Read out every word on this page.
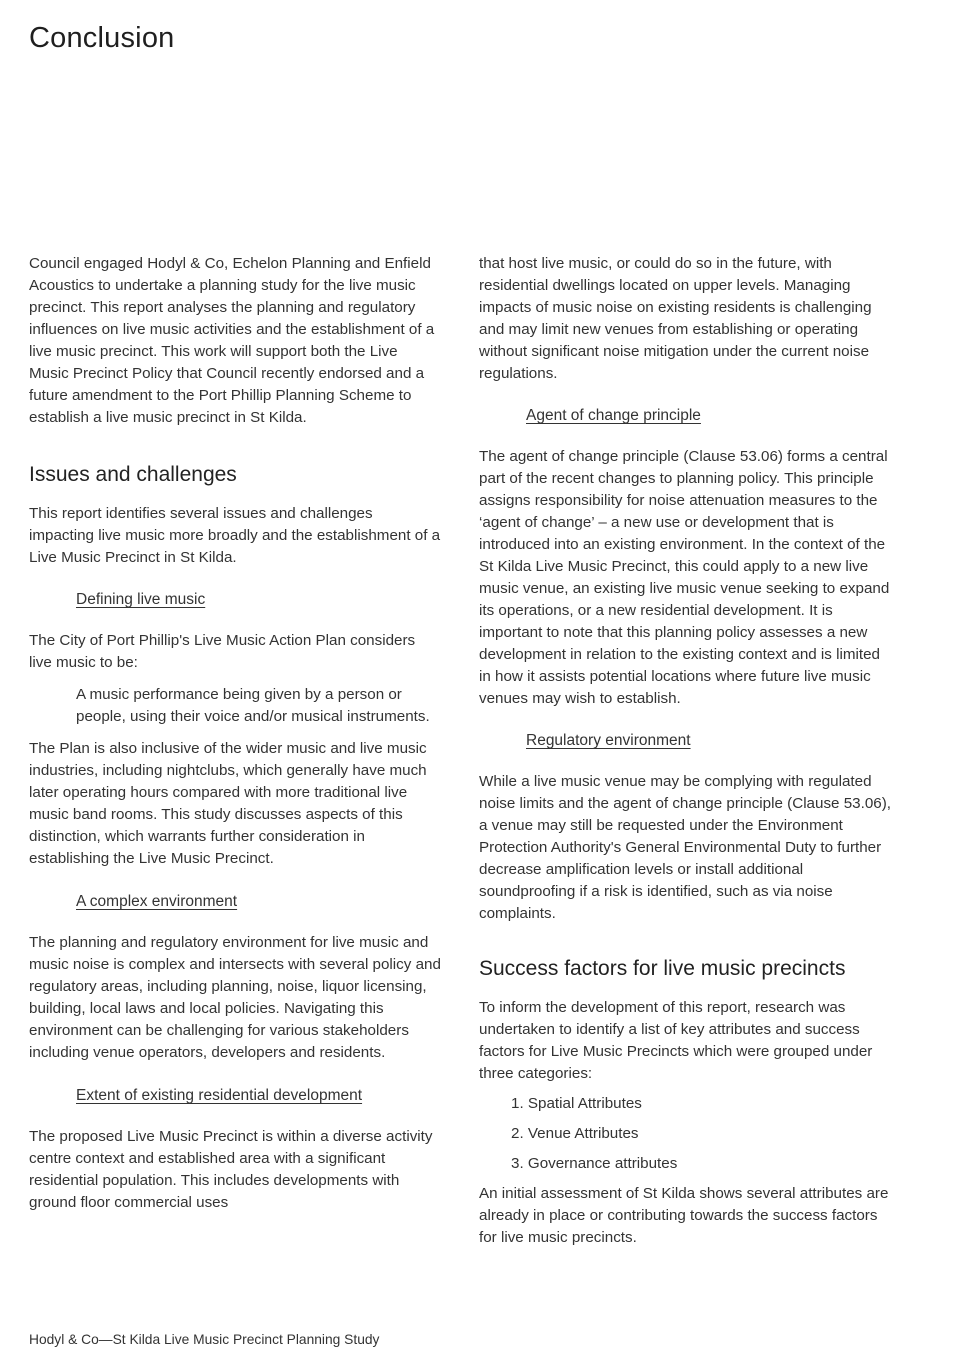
Conclusion

Council engaged Hodyl & Co, Echelon Planning and Enfield Acoustics to undertake a planning study for the live music precinct. This report analyses the planning and regulatory influences on live music activities and the establishment of a live music precinct. This work will support both the Live Music Precinct Policy that Council recently endorsed and a future amendment to the Port Phillip Planning Scheme to establish a live music precinct in St Kilda.

Issues and challenges

This report identifies several issues and challenges impacting live music more broadly and the establishment of a Live Music Precinct in St Kilda.

Defining live music

The City of Port Phillip's Live Music Action Plan considers live music to be:

A music performance being given by a person or people, using their voice and/or musical instruments.

The Plan is also inclusive of the wider music and live music industries, including nightclubs, which generally have much later operating hours compared with more traditional live music band rooms. This study discusses aspects of this distinction, which warrants further consideration in establishing the Live Music Precinct.

A complex environment

The planning and regulatory environment for live music and music noise is complex and intersects with several policy and regulatory areas, including planning, noise, liquor licensing, building, local laws and local policies. Navigating this environment can be challenging for various stakeholders including venue operators, developers and residents.

Extent of existing residential development

The proposed Live Music Precinct is within a diverse activity centre context and established area with a significant residential population. This includes developments with ground floor commercial uses

that host live music, or could do so in the future, with residential dwellings located on upper levels. Managing impacts of music noise on existing residents is challenging and may limit new venues from establishing or operating without significant noise mitigation under the current noise regulations.

Agent of change principle

The agent of change principle (Clause 53.06) forms a central part of the recent changes to planning policy. This principle assigns responsibility for noise attenuation measures to the ‘agent of change’ – a new use or development that is introduced into an existing environment. In the context of the St Kilda Live Music Precinct, this could apply to a new live music venue, an existing live music venue seeking to expand its operations, or a new residential development. It is important to note that this planning policy assesses a new development in relation to the existing context and is limited in how it assists potential locations where future live music venues may wish to establish.

Regulatory environment

While a live music venue may be complying with regulated noise limits and the agent of change principle (Clause 53.06), a venue may still be requested under the Environment Protection Authority's General Environmental Duty to further decrease amplification levels or install additional soundproofing if a risk is identified, such as via noise complaints.

Success factors for live music precincts

To inform the development of this report, research was undertaken to identify a list of key attributes and success factors for Live Music Precincts which were grouped under three categories:

1. Spatial Attributes
2. Venue Attributes
3. Governance attributes

An initial assessment of St Kilda shows several attributes are already in place or contributing towards the success factors for live music precincts.

Hodyl & Co—St Kilda Live Music Precinct Planning Study
